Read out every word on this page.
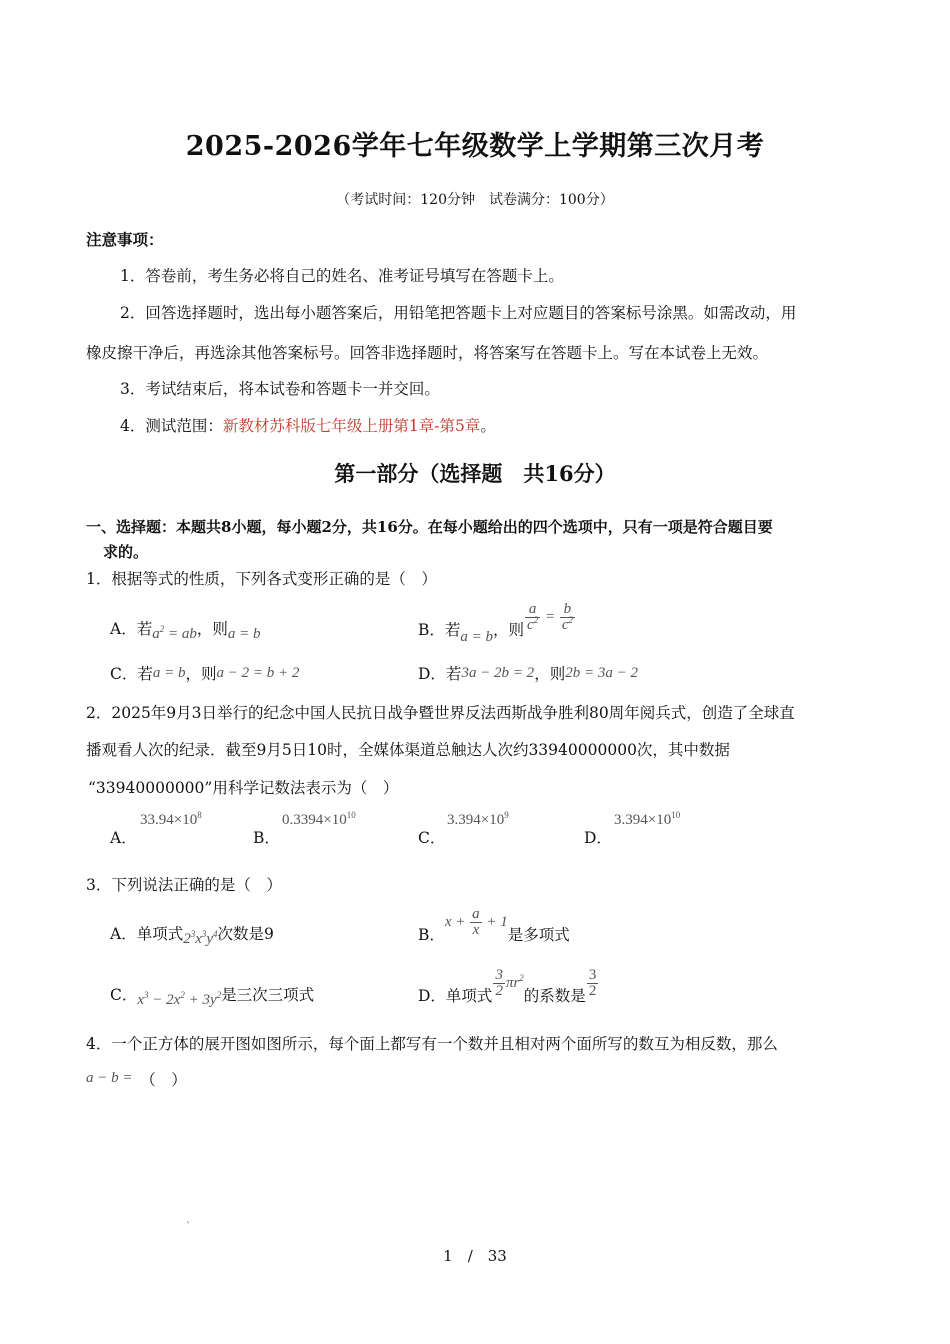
2025-2026学年七年级数学上学期第三次月考
（考试时间：120分钟　试卷满分：100分）
注意事项：
1．答卷前，考生务必将自己的姓名、准考证号填写在答题卡上。
2．回答选择题时，选出每小题答案后，用铅笔把答题卡上对应题目的答案标号涂黑。如需改动，用
橡皮擦干净后，再选涂其他答案标号。回答非选择题时，将答案写在答题卡上。写在本试卷上无效。
3．考试结束后，将本试卷和答题卡一并交回。
4．测试范围：新教材苏科版七年级上册第1章-第5章。
第一部分（选择题　共16分）
一、选择题：本题共8小题，每小题2分，共16分。在每小题给出的四个选项中，只有一项是符合题目要
求的。
1．根据等式的性质，下列各式变形正确的是（　）
A．若$a^2$ = ab，则a = b	B．若a = b，则 $\frac{a}{c^2} = \frac{b}{c^2}$
C．若a = b，则a − 2 = b + 2	D．若3a − 2b = 2，则2b = 3a − 2
2．2025年9月3日举行的纪念中国人民抗日战争暨世界反法西斯战争胜利80周年阅兵式，创造了全球直
播观看人次的纪录．截至9月5日10时，全媒体渠道总触达人次约33940000000次，其中数据
“33940000000”用科学记数法表示为（　）
A．
$33.94\times 10^8$
B．
$0.3394\times 10^{10}$
C．
$3.394\times 10^9$
D．
$3.394\times 10^{10}$
3．下列说法正确的是（　）
A．单项式$2^3x^3y^4$次数是9	B．$x + \frac{a}{x} + 1$是多项式
C．$x^3 - 2x^2 + 3y^2$是三次三项式	D．单项式 $\frac{3}{2} \pi r^2$的系数是 $\frac{3}{2}$
4．一个正方体的展开图如图所示，每个面上都写有一个数并且相对两个面所写的数互为相反数，那么
a − b =　 （　）
`
1　/　33
